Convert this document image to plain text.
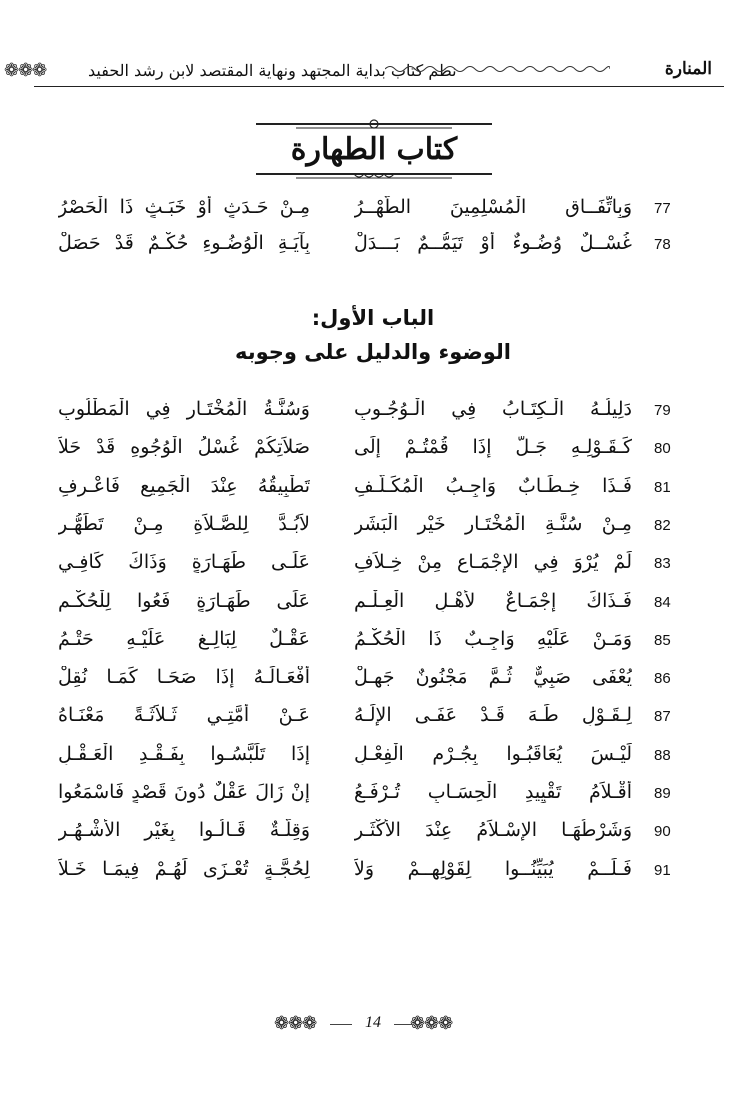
❁❁❁	نظم كتاب بداية المجتهد ونهاية المقتصد لابن رشد الحفيد	المنارة
كتاب الطهارة
77
وَبِاتِّفَــاقِ الْمُسْلِمِينَ الطُّهْــرُ
مِـنْ حَـدَثٍ أَوْ خَبَـثٍ ذَا الْحَصْرُ
78
غُسْــلٌ وُضُـوءٌ أَوْ تَيَمُّــمٌ بَـــدَلْ
بِآيَـةِ الْوُضُـوءِ حُكْـمٌ قَدْ حَصَلْ
الباب الأول:
الوضوء والدليل على وجوبه
79
دَلِيلُـهُ الْـكِتَـابُ فِي الْـوُجُـوبِ
وَسُنَّـةُ الْمُخْتَـارِ فِي الْمَطْلُوبِ
80
كَـقَـوْلِـهِ جَـلَّ إِذَا قُمْتُـمْ إِلَى
صَلاَتِكُمْ غُسْلُ الْوُجُوهِ قَدْ حَلاَ
81
فَـذَا خِـطَـابٌ وَاجِـبُ الْمُكَـلَّـفِ
تَطْبِيقُهُ عِنْدَ الْجَمِيعِ فَاعْـرِفِ
82
مِـنْ سُنَّـةِ الْمُخْتَـارِ خَيْرِ الْبَشَرِ
لاَبُـدَّ لِلصَّـلاَةِ مِـنْ تَطَهُّـرِ
83
لَمْ يُرْوَ فِي الإِجْمَـاعِ مِنْ خِـلاَفِ
عَلَـى طَهَـارَةٍ وَذَاكَ كَافِـي
84
فَـذَاكَ إِجْمَـاعٌ لأَهْـلِ الْعِـلْـمِ
عَلَى طَهَـارَةٍ فَعُوا لِلْحُكْـمِ
85
وَمَـنْ عَلَيْهِ وَاجِـبٌ ذَا الْحُكْـمُ
عَقْـلٌ لِبَالِـغٍ عَلَيْـهِ حَتْـمُ
86
يُعْفَى صَبِيٌّ ثُـمَّ مَجْنُونٌ جَهِـلْ
أَفْعَـالَـهُ إِذَا صَحَـا كَمَـا نُقِلْ
87
لِـقَـوْلِ طَـهَ قَـدْ عَفَـى الإِلَـهُ
عَـنْ أُمَّتِـي ثَـلاَثَـةً مَعْنَـاهُ
88
لَيْـسَ يُعَاقَبُـوا بِجُـرْمِ الْفِعْـلِ
إِذَا تَلَبَّسُـوا بِفَـقْـدِ الْعَـقْـلِ
89
أَقْـلاَمُ تَقْيِيدِ الْحِسَـابِ تُـرْفَـعُ
إِنْ زَالَ عَقْلٌ دُونَ قَصْدٍ فَاسْمَعُوا
90
وَشَرْطُهَـا الإِسْـلاَمُ عِنْدَ الأَكْثَـرِ
وَقِلَّـةٌ قَـالُـوا بِغَيْرِ الأَشْـهُـرِ
91
فَـلَــمْ يُبَيِّنُــوا لِقَوْلِهِــمْ وَلاَ
لِحُجَّـةٍ تُعْـزَى لَهُـمْ فِيمَـا خَـلاَ
❁❁❁	14	❁❁❁
